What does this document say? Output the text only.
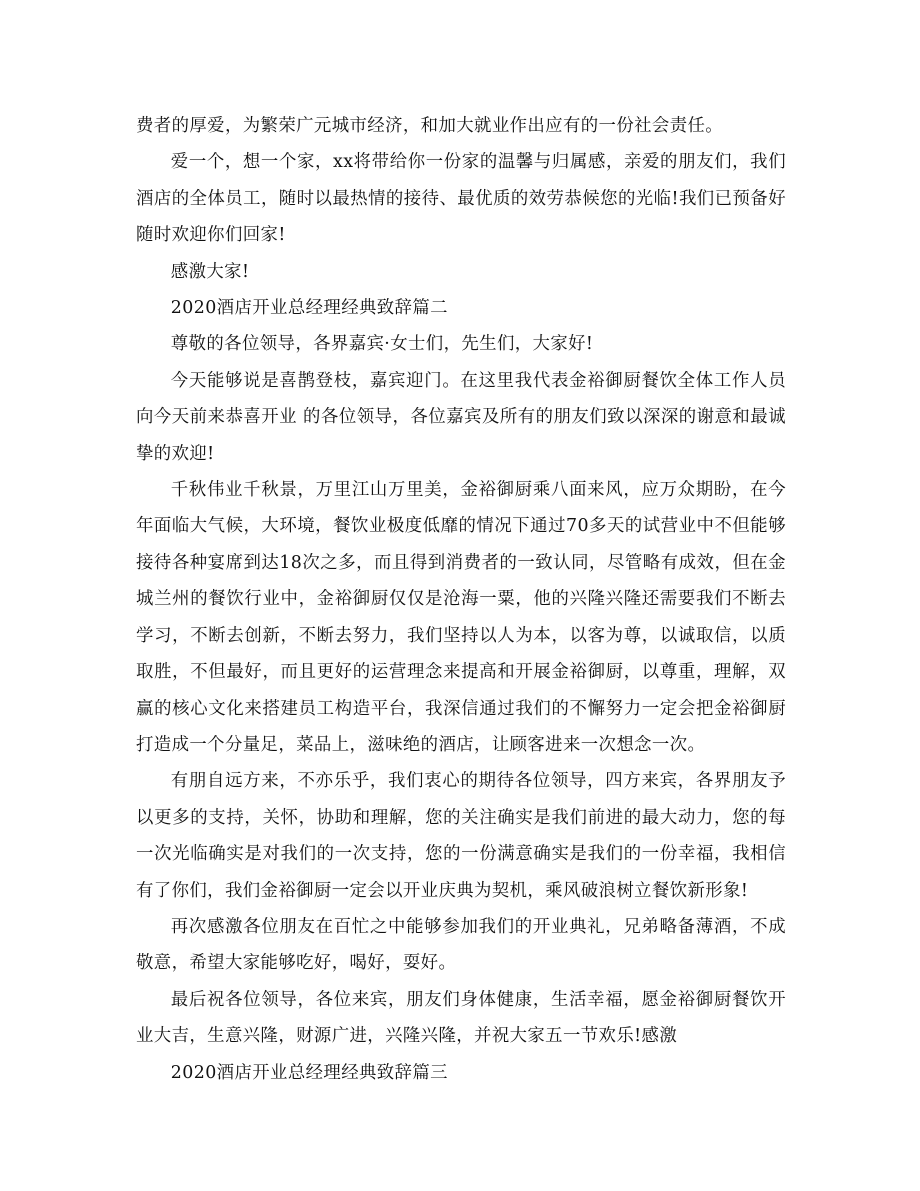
费者的厚爱，为繁荣广元城市经济，和加大就业作出应有的一份社会责任。

爱一个，想一个家，xx将带给你一份家的温馨与归属感，亲爱的朋友们，我们酒店的全体员工，随时以最热情的接待、最优质的效劳恭候您的光临!我们已预备好随时欢迎你们回家!

感激大家!

2020酒店开业总经理经典致辞篇二

尊敬的各位领导，各界嘉宾·女士们，先生们，大家好!

今天能够说是喜鹊登枝，嘉宾迎门。在这里我代表金裕御厨餐饮全体工作人员向今天前来恭喜开业 的各位领导，各位嘉宾及所有的朋友们致以深深的谢意和最诚挚的欢迎!

千秋伟业千秋景，万里江山万里美，金裕御厨乘八面来风，应万众期盼，在今年面临大气候，大环境，餐饮业极度低靡的情况下通过70多天的试营业中不但能够接待各种宴席到达18次之多，而且得到消费者的一致认同，尽管略有成效，但在金城兰州的餐饮行业中，金裕御厨仅仅是沧海一粟，他的兴隆兴隆还需要我们不断去学习，不断去创新，不断去努力，我们坚持以人为本，以客为尊，以诚取信，以质取胜，不但最好，而且更好的运营理念来提高和开展金裕御厨，以尊重，理解，双赢的核心文化来搭建员工构造平台，我深信通过我们的不懈努力一定会把金裕御厨打造成一个分量足，菜品上，滋味绝的酒店，让顾客进来一次想念一次。

有朋自远方来，不亦乐乎，我们衷心的期待各位领导，四方来宾，各界朋友予以更多的支持，关怀，协助和理解，您的关注确实是我们前进的最大动力，您的每一次光临确实是对我们的一次支持，您的一份满意确实是我们的一份幸福，我相信有了你们，我们金裕御厨一定会以开业庆典为契机，乘风破浪树立餐饮新形象!

再次感激各位朋友在百忙之中能够参加我们的开业典礼，兄弟略备薄酒，不成敬意，希望大家能够吃好，喝好，耍好。

最后祝各位领导，各位来宾，朋友们身体健康，生活幸福，愿金裕御厨餐饮开业大吉，生意兴隆，财源广进，兴隆兴隆，并祝大家五一节欢乐!感激

2020酒店开业总经理经典致辞篇三
